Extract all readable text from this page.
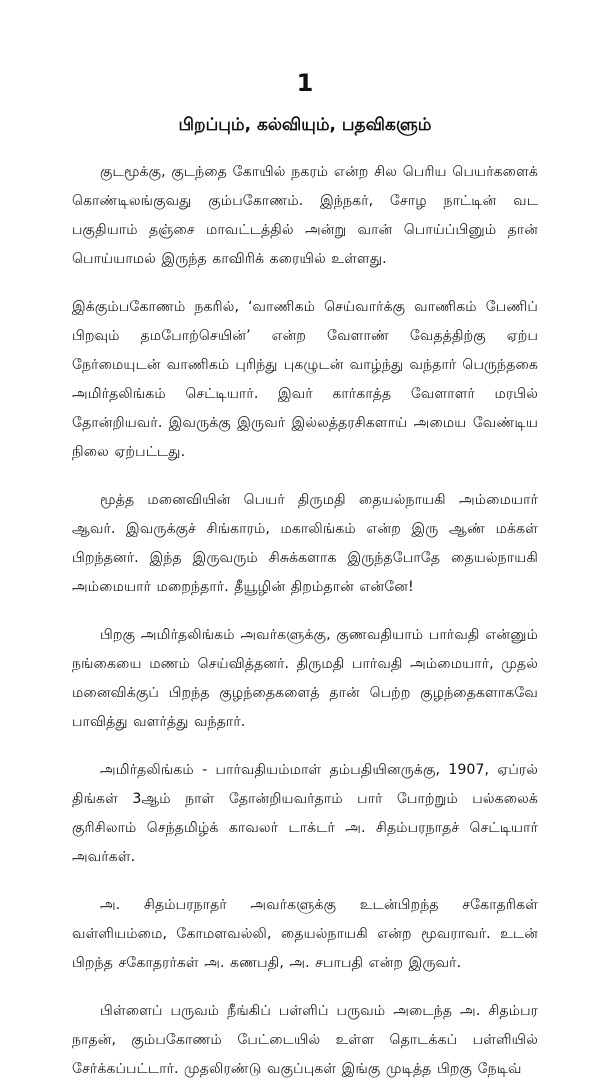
1
பிறப்பும், கல்வியும், பதவிகளும்

குடமூக்கு, குடந்தை கோயில் நகரம் என்ற சில பெரிய பெயர்களைக் கொண்டிலங்குவது கும்பகோணம். இந்நகர், சோழ நாட்டின் வட பகுதியாம் தஞ்சை மாவட்டத்தில் அன்று வான் பொய்ப்பினும் தான் பொய்யாமல் இருந்த காவிரிக் கரையில் உள்ளது.

இக்கும்பகோணம் நகரில், ‘வாணிகம் செய்வார்க்கு வாணிகம் பேணிப் பிறவும் தமபோற்செயின்’ என்ற வேளாண் வேதத்திற்கு ஏற்ப நேர்மையுடன் வாணிகம் புரிந்து புகழுடன் வாழ்ந்து வந்தார் பெருந்தகை அமிர்தலிங்கம் செட்டியார். இவர் கார்காத்த வேளாளர் மரபில் தோன்றியவர். இவருக்கு இருவர் இல்லத்தரசிகளாய் அமைய வேண்டிய நிலை ஏற்பட்டது.

மூத்த மனைவியின் பெயர் திருமதி தையல்நாயகி அம்மையார் ஆவர். இவருக்குச் சிங்காரம், மகாலிங்கம் என்ற இரு ஆண் மக்கள் பிறந்தனர். இந்த இருவரும் சிசுக்களாக இருந்தபோதே தையல்நாயகி அம்மையார் மறைந்தார். தீயூழின் திறம்தான் என்னே!

பிறகு அமிர்தலிங்கம் அவர்களுக்கு, குணவதியாம் பார்வதி என்னும் நங்கையை மணம் செய்வித்தனர். திருமதி பார்வதி அம்மையார், முதல் மனைவிக்குப் பிறந்த குழந்தைகளைத் தான் பெற்ற குழந்தைகளாகவே பாவித்து வளர்த்து வந்தார்.

அமிர்தலிங்கம் - பார்வதியம்மாள் தம்பதியினருக்கு, 1907, ஏப்ரல் திங்கள் 3ஆம் நாள் தோன்றியவர்தாம் பார் போற்றும் பல்கலைக் குரிசிலாம் செந்தமிழ்க் காவலர் டாக்டர் அ. சிதம்பரநாதச் செட்டியார் அவர்கள்.

அ. சிதம்பரநாதர் அவர்களுக்கு உடன்பிறந்த சகோதரிகள் வள்ளியம்மை, கோமளவல்லி, தையல்நாயகி என்ற மூவராவர். உடன் பிறந்த சகோதரர்கள் அ. கணபதி, அ. சபாபதி என்ற இருவர்.

பிள்ளைப் பருவம் நீங்கிப் பள்ளிப் பருவம் அடைந்த அ. சிதம்பர நாதன், கும்பகோணம் பேட்டையில் உள்ள தொடக்கப் பள்ளியில் சேர்க்கப்பட்டார். முதலிரண்டு வகுப்புகள் இங்கு முடித்த பிறகு நேடிவ்
